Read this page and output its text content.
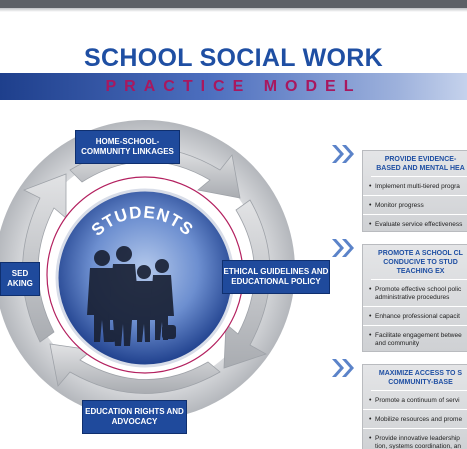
SCHOOL SOCIAL WORK
PRACTICE MODEL
STUDENTS
HOME-SCHOOL-COMMUNITY LINKAGES
ETHICAL GUIDELINES AND EDUCATIONAL POLICY
EDUCATION RIGHTS AND ADVOCACY
SED
AKING
PROVIDE EVIDENCE-BASED AND MENTAL HEA
• Implement multi-tiered progra
• Monitor progress
• Evaluate service effectiveness
PROMOTE A SCHOOL CL CONDUCIVE TO STUD TEACHING EX
• Promote effective school polic administrative procedures
• Enhance professional capacit
• Facilitate engagement betwee and community
MAXIMIZE ACCESS TO S COMMUNITY-BASE
• Promote a continuum of servi
• Mobilize resources and prome
• Provide innovative leadership tion, systems coordination, an
